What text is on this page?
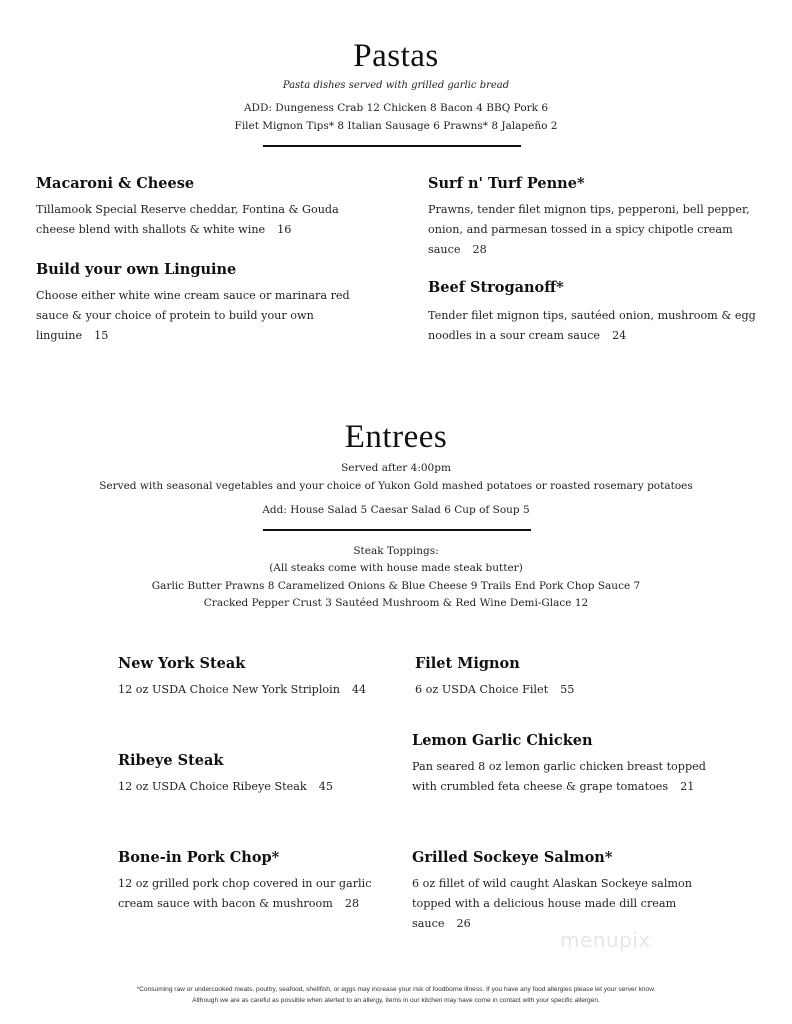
Pastas
Pasta dishes served with grilled garlic bread
ADD: Dungeness Crab 12 Chicken 8 Bacon 4 BBQ Pork 6
Filet Mignon Tips* 8 Italian Sausage 6 Prawns* 8 Jalapeño 2
Macaroni & Cheese
Tillamook Special Reserve cheddar, Fontina & Gouda cheese blend with shallots & white wine 16
Build your own Linguine
Choose either white wine cream sauce or marinara red sauce & your choice of protein to build your own linguine 15
Surf n' Turf Penne*
Prawns, tender filet mignon tips, pepperoni, bell pepper, onion, and parmesan tossed in a spicy chipotle cream sauce 28
Beef Stroganoff*
Tender filet mignon tips, sautéed onion, mushroom & egg noodles in a sour cream sauce 24
Entrees
Served after 4:00pm
Served with seasonal vegetables and your choice of Yukon Gold mashed potatoes or roasted rosemary potatoes
Add: House Salad 5 Caesar Salad 6 Cup of Soup 5
Steak Toppings:
(All steaks come with house made steak butter)
Garlic Butter Prawns 8 Caramelized Onions & Blue Cheese 9 Trails End Pork Chop Sauce 7
Cracked Pepper Crust 3 Sautéed Mushroom & Red Wine Demi-Glace 12
New York Steak
12 oz USDA Choice New York Striploin 44
Ribeye Steak
12 oz USDA Choice Ribeye Steak 45
Bone-in Pork Chop*
12 oz grilled pork chop covered in our garlic cream sauce with bacon & mushroom 28
Filet Mignon
6 oz USDA Choice Filet 55
Lemon Garlic Chicken
Pan seared 8 oz lemon garlic chicken breast topped with crumbled feta cheese & grape tomatoes 21
Grilled Sockeye Salmon*
6 oz fillet of wild caught Alaskan Sockeye salmon topped with a delicious house made dill cream sauce 26
menupix
*Consuming raw or undercooked meats, poultry, seafood, shellfish, or eggs may increase your risk of foodborne illness. If you have any food allergies please let your server know.
Although we are as careful as possible when alerted to an allergy, items in our kitchen may have come in contact with your specific allergen.
